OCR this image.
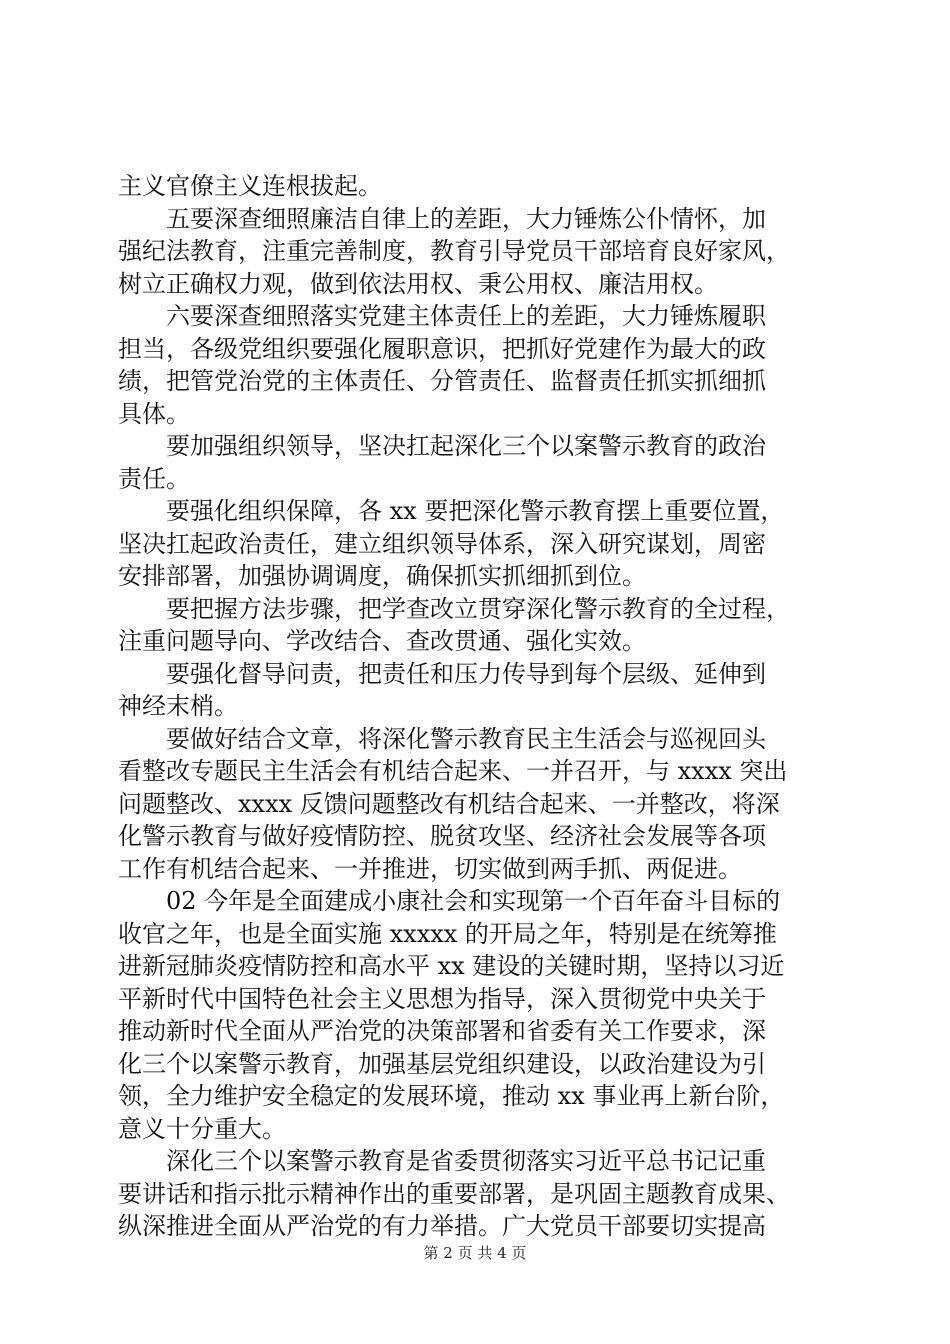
主义官僚主义连根拔起。

　　五要深查细照廉洁自律上的差距，大力锤炼公仆情怀，加
强纪法教育，注重完善制度，教育引导党员干部培育良好家风，
树立正确权力观，做到依法用权、秉公用权、廉洁用权。

　　六要深查细照落实党建主体责任上的差距，大力锤炼履职
担当，各级党组织要强化履职意识，把抓好党建作为最大的政
绩，把管党治党的主体责任、分管责任、监督责任抓实抓细抓
具体。

　　要加强组织领导，坚决扛起深化三个以案警示教育的政治
责任。

　　要强化组织保障，各 xx 要把深化警示教育摆上重要位置，
坚决扛起政治责任，建立组织领导体系，深入研究谋划，周密
安排部署，加强协调调度，确保抓实抓细抓到位。

　　要把握方法步骤，把学查改立贯穿深化警示教育的全过程，
注重问题导向、学改结合、查改贯通、强化实效。

　　要强化督导问责，把责任和压力传导到每个层级、延伸到
神经末梢。

　　要做好结合文章，将深化警示教育民主生活会与巡视回头
看整改专题民主生活会有机结合起来、一并召开，与 xxxx 突出
问题整改、xxxx 反馈问题整改有机结合起来、一并整改，将深
化警示教育与做好疫情防控、脱贫攻坚、经济社会发展等各项
工作有机结合起来、一并推进，切实做到两手抓、两促进。

　　02 今年是全面建成小康社会和实现第一个百年奋斗目标的
收官之年，也是全面实施 xxxxx 的开局之年，特别是在统筹推
进新冠肺炎疫情防控和高水平 xx 建设的关键时期，坚持以习近
平新时代中国特色社会主义思想为指导，深入贯彻党中央关于
推动新时代全面从严治党的决策部署和省委有关工作要求，深
化三个以案警示教育，加强基层党组织建设，以政治建设为引
领，全力维护安全稳定的发展环境，推动 xx 事业再上新台阶，
意义十分重大。

　　深化三个以案警示教育是省委贯彻落实习近平总书记记重
要讲话和指示批示精神作出的重要部署，是巩固主题教育成果、
纵深推进全面从严治党的有力举措。广大党员干部要切实提高

第 2 页 共 4 页
